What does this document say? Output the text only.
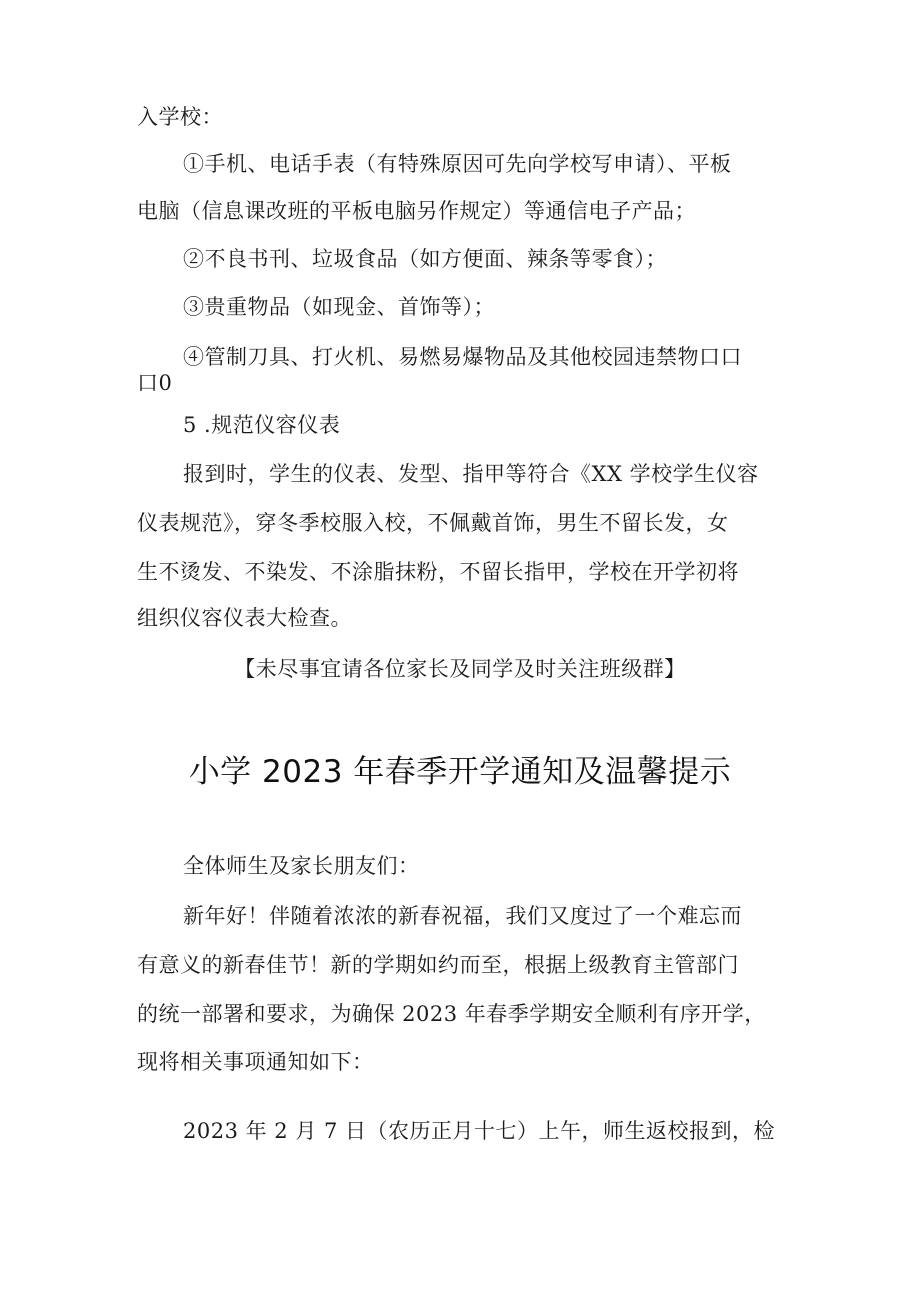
入学校：
①手机、电话手表（有特殊原因可先向学校写申请）、平板
电脑（信息课改班的平板电脑另作规定）等通信电子产品；
②不良书刊、垃圾食品（如方便面、辣条等零食）；
③贵重物品（如现金、首饰等）；
④管制刀具、打火机、易燃易爆物品及其他校园违禁物口口
口0
5 .规范仪容仪表
报到时，学生的仪表、发型、指甲等符合《XX 学校学生仪容
仪表规范》，穿冬季校服入校，不佩戴首饰，男生不留长发，女
生不烫发、不染发、不涂脂抹粉，不留长指甲，学校在开学初将
组织仪容仪表大检查。
【未尽事宜请各位家长及同学及时关注班级群】
小学 2023 年春季开学通知及温馨提示
全体师生及家长朋友们：
新年好！伴随着浓浓的新春祝福，我们又度过了一个难忘而
有意义的新春佳节！新的学期如约而至，根据上级教育主管部门
的统一部署和要求，为确保 2023 年春季学期安全顺利有序开学，
现将相关事项通知如下：
2023 年 2 月 7 日（农历正月十七）上午，师生返校报到，检
